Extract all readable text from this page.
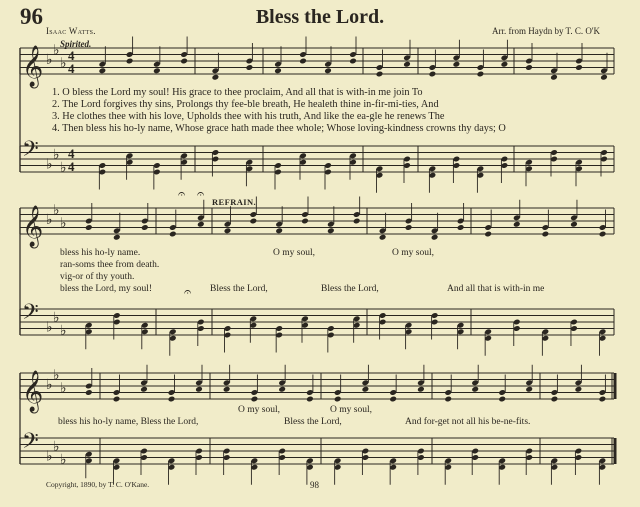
𝄞 ♭
♭
♭ 4
4
𝄢 ♭
♭
♭
4
4
𝄞 ♭
♭
♭
𝄢 ♭
♭
♭
𝄞 ♭
♭
♭
𝄢 ♭
♭
♭
𝄐 𝄐
𝄐
96	Bless the Lord.
Isaac Watts.	Arr. from Haydn by T. C. O'K
Spirited.
1. O bless the Lord my soul! His grace to thee proclaim, And all that is with-in me join To
2. The Lord forgives thy sins, Prolongs thy fee-ble breath, He healeth thine in-fir-mi-ties, And
3. He clothes thee with his love, Upholds thee with his truth, And like the ea-gle he renews The
4. Then bless his ho-ly name, Whose grace hath made thee whole; Whose loving-kindness crowns thy days; O
REFRAIN.
bless his ho-ly name.
ran-soms thee from death.
vig-or of thy youth.
bless the Lord, my soul!
O my soul,	O my soul,
Bless the Lord,	Bless the Lord,	And all that is with-in me
O my soul,	O my soul,
bless his ho-ly name, Bless the Lord,	Bless the Lord,	And for-get not all his be-ne-fits.
Copyright, 1890, by T. C. O'Kane.	98
